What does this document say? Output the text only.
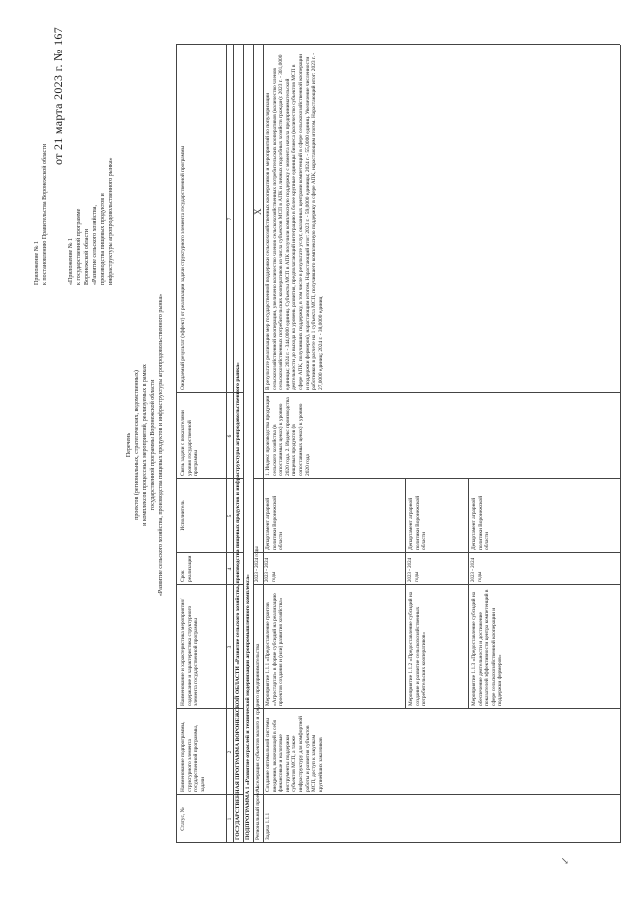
Приложение № 1 к постановлению Правительства Воронежской области
от 21 марта 2023 г. № 167
«Приложение № 1 к государственной программе Воронежской области «Развитие сельского хозяйства, производства пищевых продуктов и инфраструктуры агропродовольственного рынка»
Перечень проектов (региональных, стратегических, ведомственных) и комплексов процессных мероприятий, реализуемых в рамках государственной программы Воронежской области «Развитие сельского хозяйства, производства пищевых продуктов и инфраструктуры агропродовольственного рынка»
Статус, №
Наименование подпрограммы, структурного элемента государственной программы, задачи
Наименование и характеристика мероприятия/содержание и характеристика структурного элемента государственной программы
Срок реализации
Исполнитель
Связь задачи с показателями уровня государственной программы
Ожидаемый результат (эффект) от реализации задачи структурного элемента государственной программы
1
2
3
4
5
6
7
ГОСУДАРСТВЕННАЯ ПРОГРАММА ВОРОНЕЖСКОЙ ОБЛАСТИ «Развитие сельского хозяйства, производства пищевых продуктов и инфраструктуры агропродовольственного рынка» ПОДПРОГРАММА 1 «Развитие отраслей и технической модернизации агропромышленного комплекса» Региональный проект 1
Акселерация субъектов малого и среднего предпринимательства
2023 - 2024 годы
Х
Задача 1.1.1
Создание оптимальной системы внедрения, включающей в себя финансовые и налоговые инструменты поддержки субъектов МСП, а также инфраструктуру для комфортной работы и развития субъектов МСП, доступ к закупкам крупнейших заказчиков
Мероприятие 1.1.1 «Предоставление грантов «Агростартап» в форме субсидий на реализацию проектов создания и (или) развития хозяйства»
2023 - 2024 годы
Департамент аграрной политики Воронежской области
Мероприятие 1.1.2 «Предоставление субсидий на создание и развитие сельскохозяйственных потребительских кооперативов»
2023 - 2024 годы
Департамент аграрной политики Воронежской области
Мероприятие 1.1.3 «Предоставление субсидий на обеспечение деятельности и достижение показателей эффективности центра компетенций в сфере сельскохозяйственной кооперации и поддержки фермеров»
2023 - 2024 годы
Департамент аграрной политики Воронежской области
1. Индекс производства продукции сельского хозяйства (в сопоставимых ценах) к уровню 2020 года. 2. Индекс производства пищевых продуктов (в сопоставимых ценах) к уровню 2020 года
В результате реализации мер государственной поддержки сельскохозяйственных кооперативов и мероприятий по популяризации сельскохозяйственной кооперации, увеличено количество членов сельскохозяйственных потребительских кооперативов (количество членов сельскохозяйственных потребительских кооперативов из числа субъектов МСП в АПК и личных подсобных хозяйств граждан): 2023 г. - 301,0000 единицы; 2024 г. - 344,0000 единиц. Субъекты МСП в АПК получили комплексную поддержку с момента начала предпринимательской деятельности до выхода на уровень развития, предполагающий интеграцию в более крупные единицы бизнеса (количество субъектов МСП в сфере АПК, получивших поддержку, в том числе в результате услуг, оказанных центрами компетенций в сфере сельскохозяйственной кооперации и поддержки фермеров), нарастающим итогом. Нарастающий итог: 2023 г. - 59,0000 единицы; 2024 г. - 55,0000 единиц. Увеличение численности работников в расчете на 1 субъекта МСП, получившего комплексную поддержку в сфере АПК, нарастающим итогом. Нарастающий итог: 2023 г. - 27,0000 единиц; 2024 г. - 38,0000 единиц
↙
